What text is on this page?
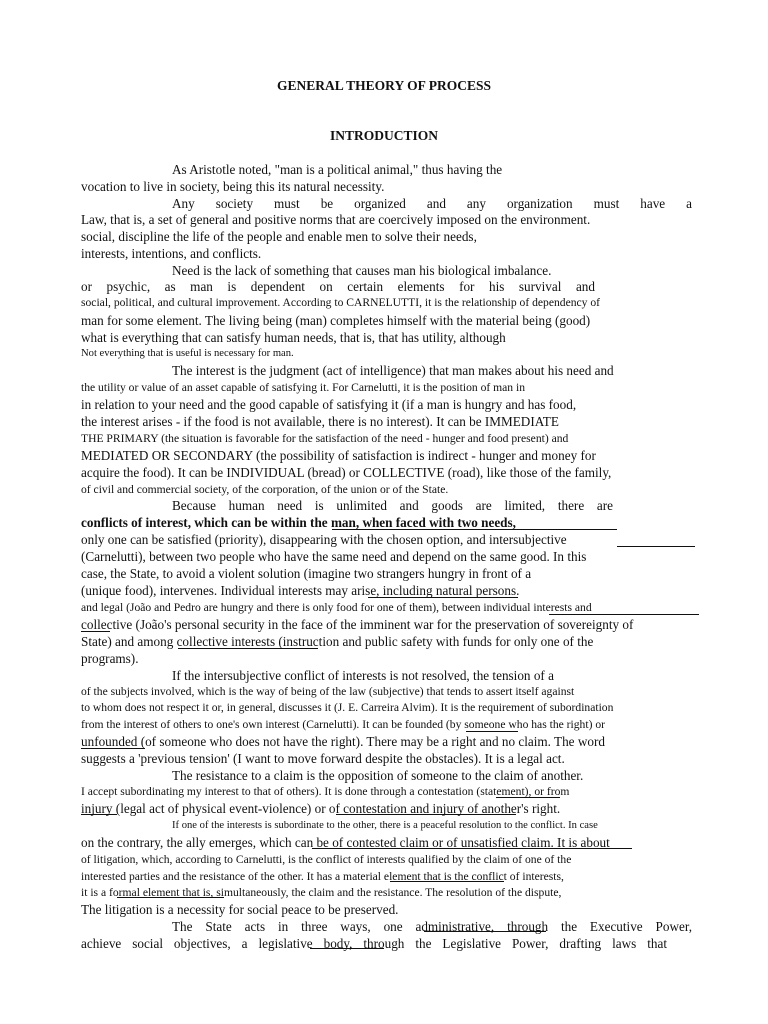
GENERAL THEORY OF PROCESS
INTRODUCTION
As Aristotle noted, "man is a political animal," thus having the
vocation to live in society, being this its natural necessity.
Any society must be organized and any organization must have a
Law, that is, a set of general and positive norms that are coercively imposed on the environment.
social, discipline the life of the people and enable men to solve their needs,
interests, intentions, and conflicts.
Need is the lack of something that causes man his biological imbalance.
or psychic, as man is dependent on certain elements for his survival and
social, political, and cultural improvement. According to CARNELUTTI, it is the relationship of dependency of
man for some element. The living being (man) completes himself with the material being (good)
what is everything that can satisfy human needs, that is, that has utility, although
Not everything that is useful is necessary for man.
The interest is the judgment (act of intelligence) that man makes about his need and
the utility or value of an asset capable of satisfying it. For Carnelutti, it is the position of man in
in relation to your need and the good capable of satisfying it (if a man is hungry and has food,
the interest arises - if the food is not available, there is no interest). It can be IMMEDIATE
THE PRIMARY (the situation is favorable for the satisfaction of the need - hunger and food present) and
MEDIATED OR SECONDARY (the possibility of satisfaction is indirect - hunger and money for
acquire the food). It can be INDIVIDUAL (bread) or COLLECTIVE (road), like those of the family,
of civil and commercial society, of the corporation, of the union or of the State.
Because human need is unlimited and goods are limited, there are
conflicts of interest, which can be within the man, when faced with two needs,
only one can be satisfied (priority), disappearing with the chosen option, and intersubjective
(Carnelutti), between two people who have the same need and depend on the same good. In this
case, the State, to avoid a violent solution (imagine two strangers hungry in front of a
(unique food), intervenes. Individual interests may arise, including natural persons.
and legal (João and Pedro are hungry and there is only food for one of them), between individual interests and
collective (João's personal security in the face of the imminent war for the preservation of sovereignty of
State) and among collective interests (instruction and public safety with funds for only one of the
programs).
If the intersubjective conflict of interests is not resolved, the tension of a
of the subjects involved, which is the way of being of the law (subjective) that tends to assert itself against
to whom does not respect it or, in general, discusses it (J. E. Carreira Alvim). It is the requirement of subordination
from the interest of others to one's own interest (Carnelutti). It can be founded (by someone who has the right) or
unfounded (of someone who does not have the right). There may be a right and no claim. The word
suggests a 'previous tension' (I want to move forward despite the obstacles). It is a legal act.
The resistance to a claim is the opposition of someone to the claim of another.
I accept subordinating my interest to that of others). It is done through a contestation (statement), or from
injury (legal act of physical event-violence) or of contestation and injury of another's right.
If one of the interests is subordinate to the other, there is a peaceful resolution to the conflict. In case
on the contrary, the ally emerges, which can be of contested claim or of unsatisfied claim. It is about
of litigation, which, according to Carnelutti, is the conflict of interests qualified by the claim of one of the
interested parties and the resistance of the other. It has a material element that is the conflict of interests,
it is a formal element that is, simultaneously, the claim and the resistance. The resolution of the dispute,
The litigation is a necessity for social peace to be preserved.
The State acts in three ways, one administrative, through the Executive Power,
achieve social objectives, a legislative body, through the Legislative Power, drafting laws that
